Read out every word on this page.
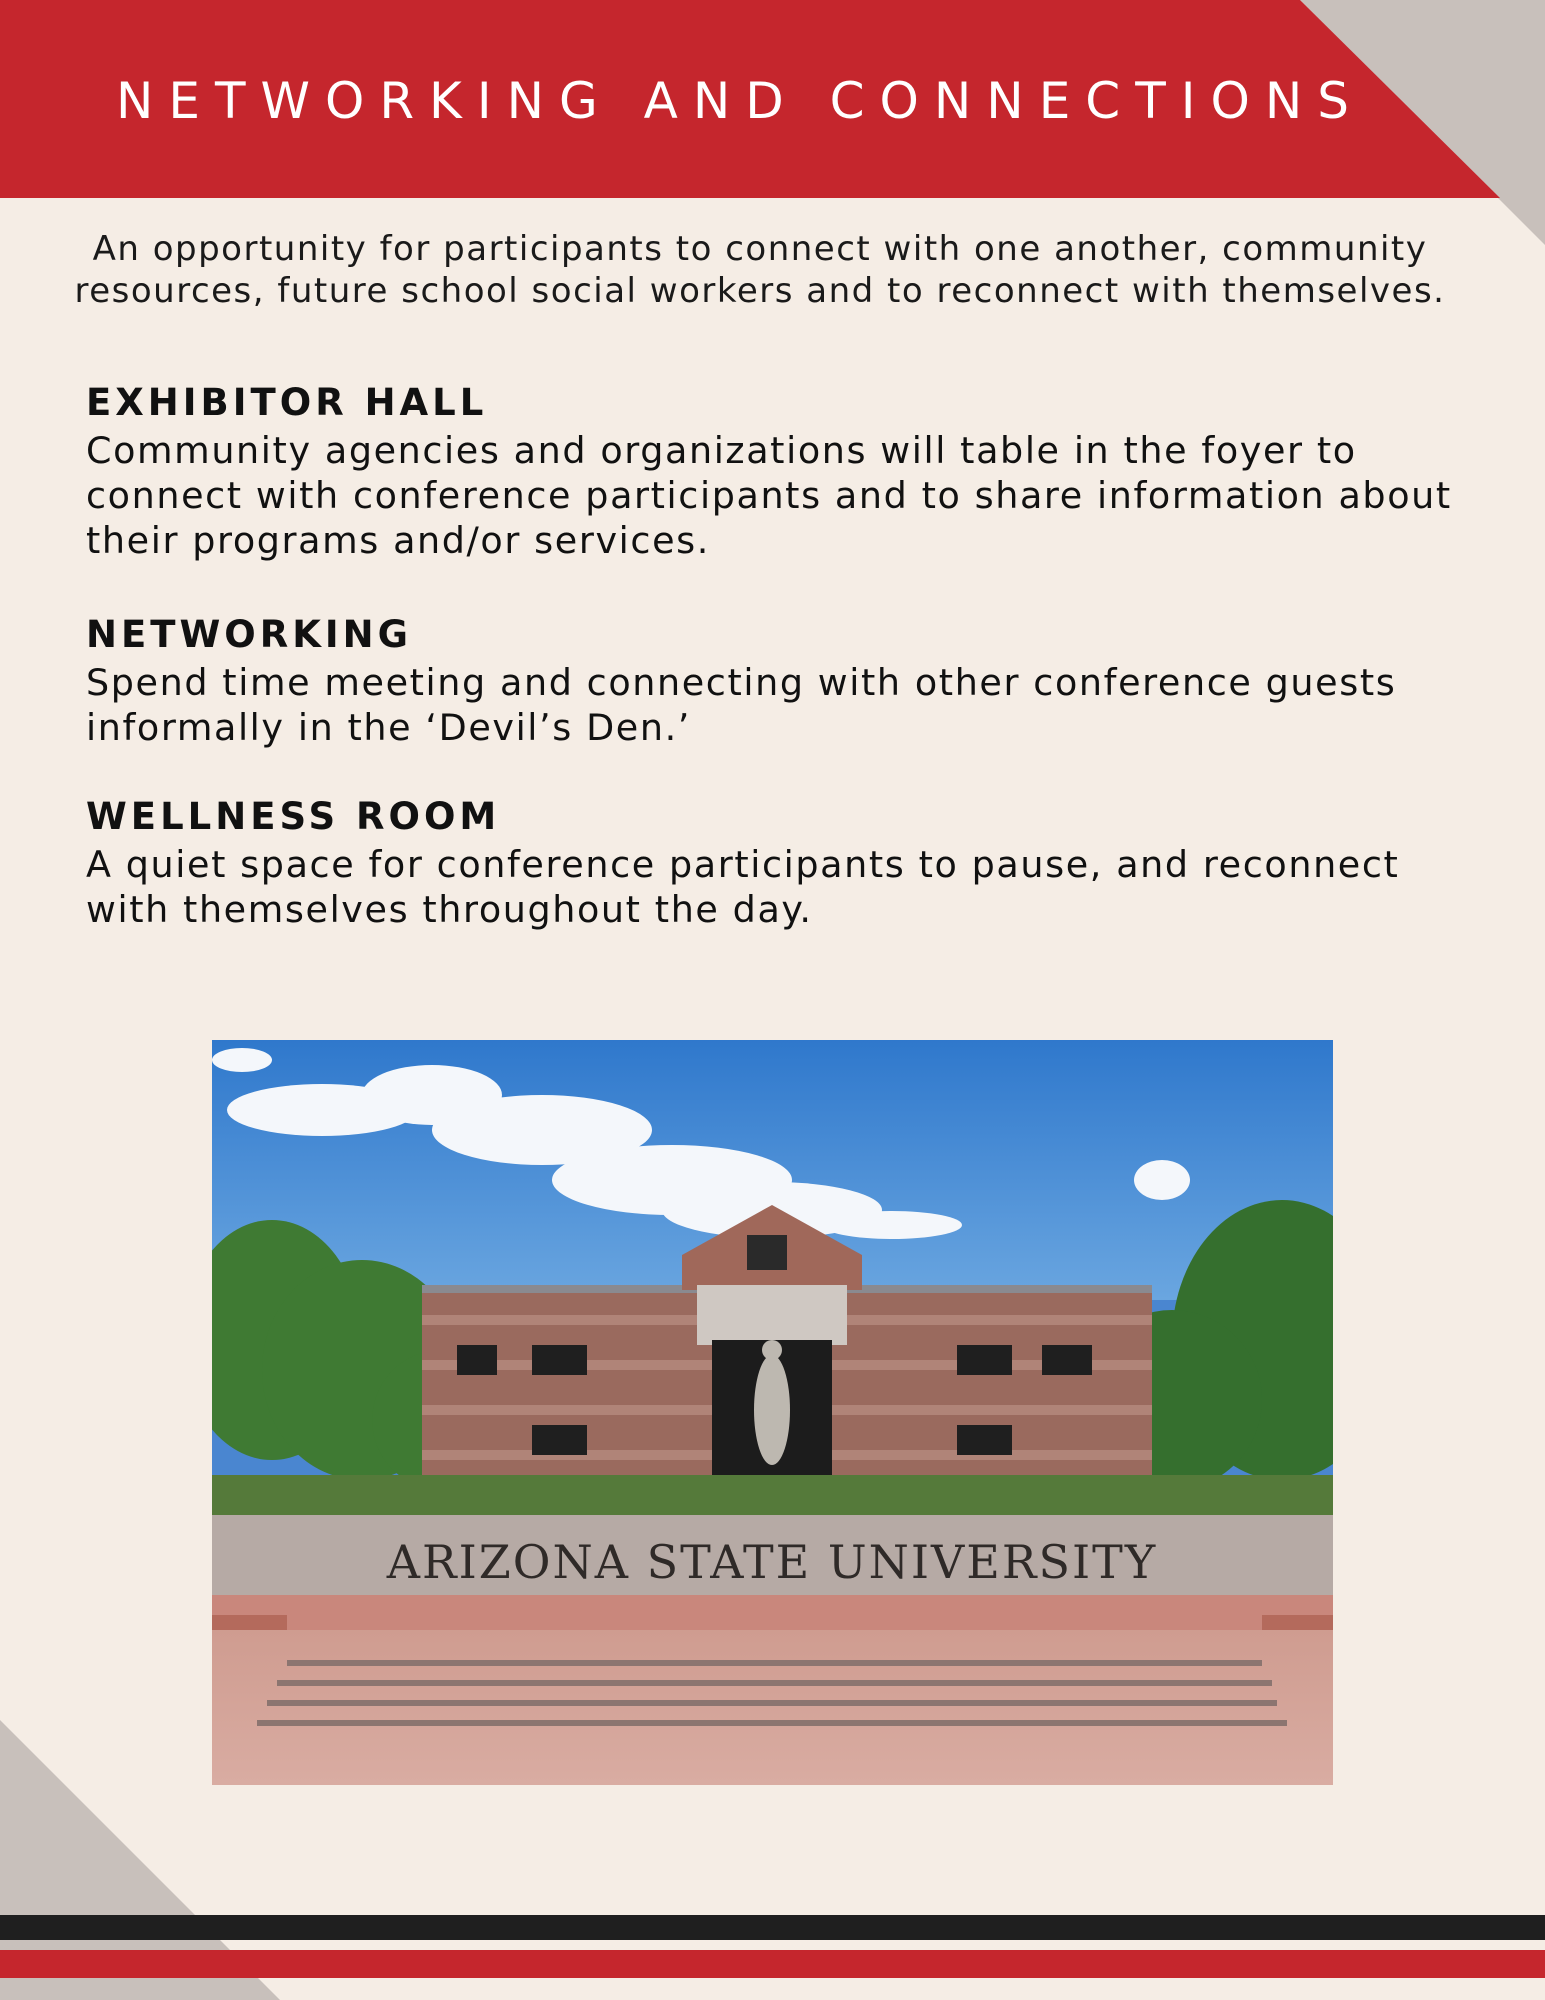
NETWORKING AND CONNECTIONS

An opportunity for participants to connect with one another, community resources, future school social workers and to reconnect with themselves.

EXHIBITOR HALL

Community agencies and organizations will table in the foyer to connect with conference participants and to share information about their programs and/or services.

NETWORKING

Spend time meeting and connecting with other conference guests informally in the ‘Devil’s Den.’

WELLNESS ROOM

A quiet space for conference participants to pause, and reconnect with themselves throughout the day.

ARIZONA STATE UNIVERSITY
